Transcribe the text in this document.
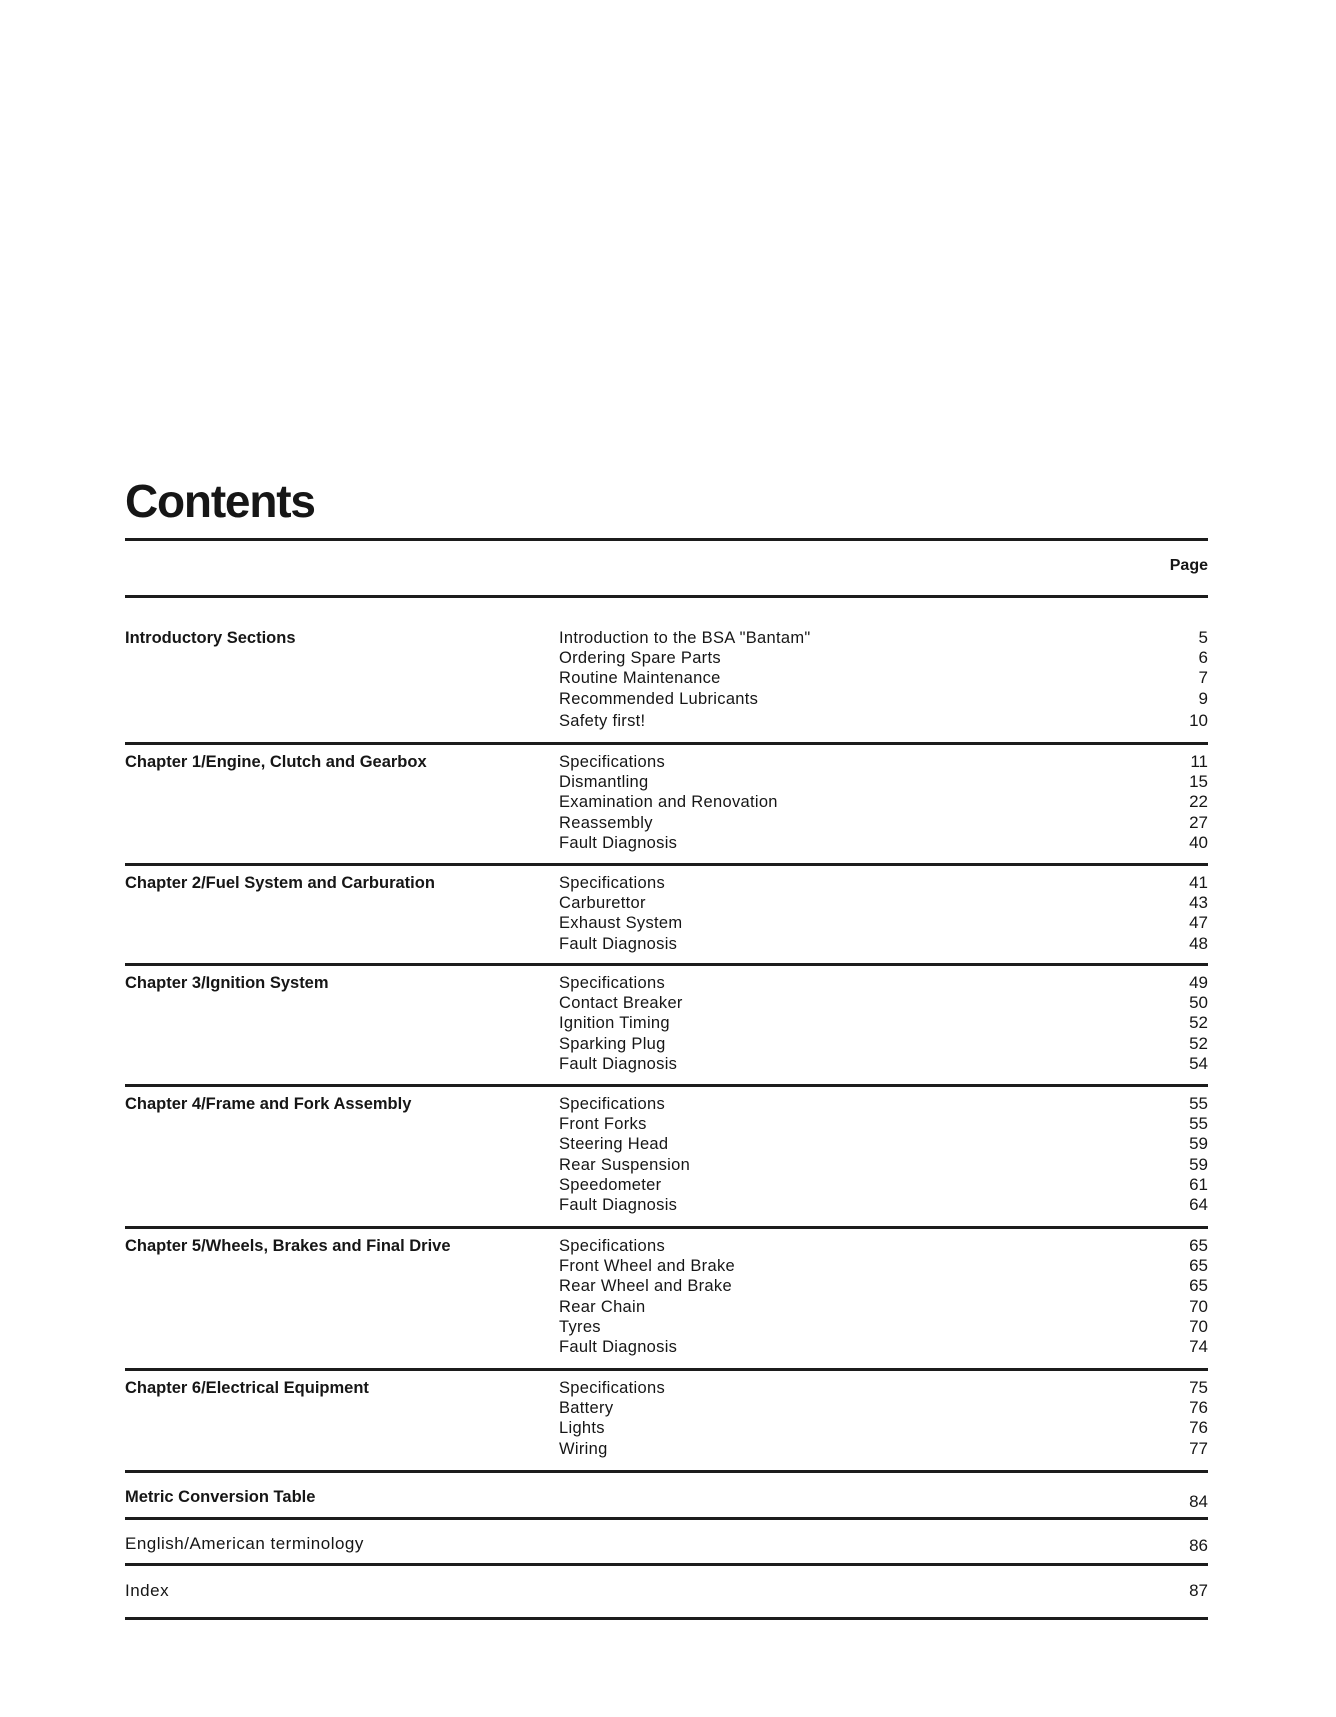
Contents
Page
Introductory Sections	Introduction to the BSA "Bantam"	5
Ordering Spare Parts	6
Routine Maintenance	7
Recommended Lubricants	9
Safety first!	10
Chapter 1/Engine, Clutch and Gearbox	Specifications	11
Dismantling	15
Examination and Renovation	22
Reassembly	27
Fault Diagnosis	40
Chapter 2/Fuel System and Carburation	Specifications	41
Carburettor	43
Exhaust System	47
Fault Diagnosis	48
Chapter 3/Ignition System	Specifications	49
Contact Breaker	50
Ignition Timing	52
Sparking Plug	52
Fault Diagnosis	54
Chapter 4/Frame and Fork Assembly	Specifications	55
Front Forks	55
Steering Head	59
Rear Suspension	59
Speedometer	61
Fault Diagnosis	64
Chapter 5/Wheels, Brakes and Final Drive	Specifications	65
Front Wheel and Brake	65
Rear Wheel and Brake	65
Rear Chain	70
Tyres	70
Fault Diagnosis	74
Chapter 6/Electrical Equipment	Specifications	75
Battery	76
Lights	76
Wiring	77
Metric Conversion Table	84
English/American terminology	86
Index	87
